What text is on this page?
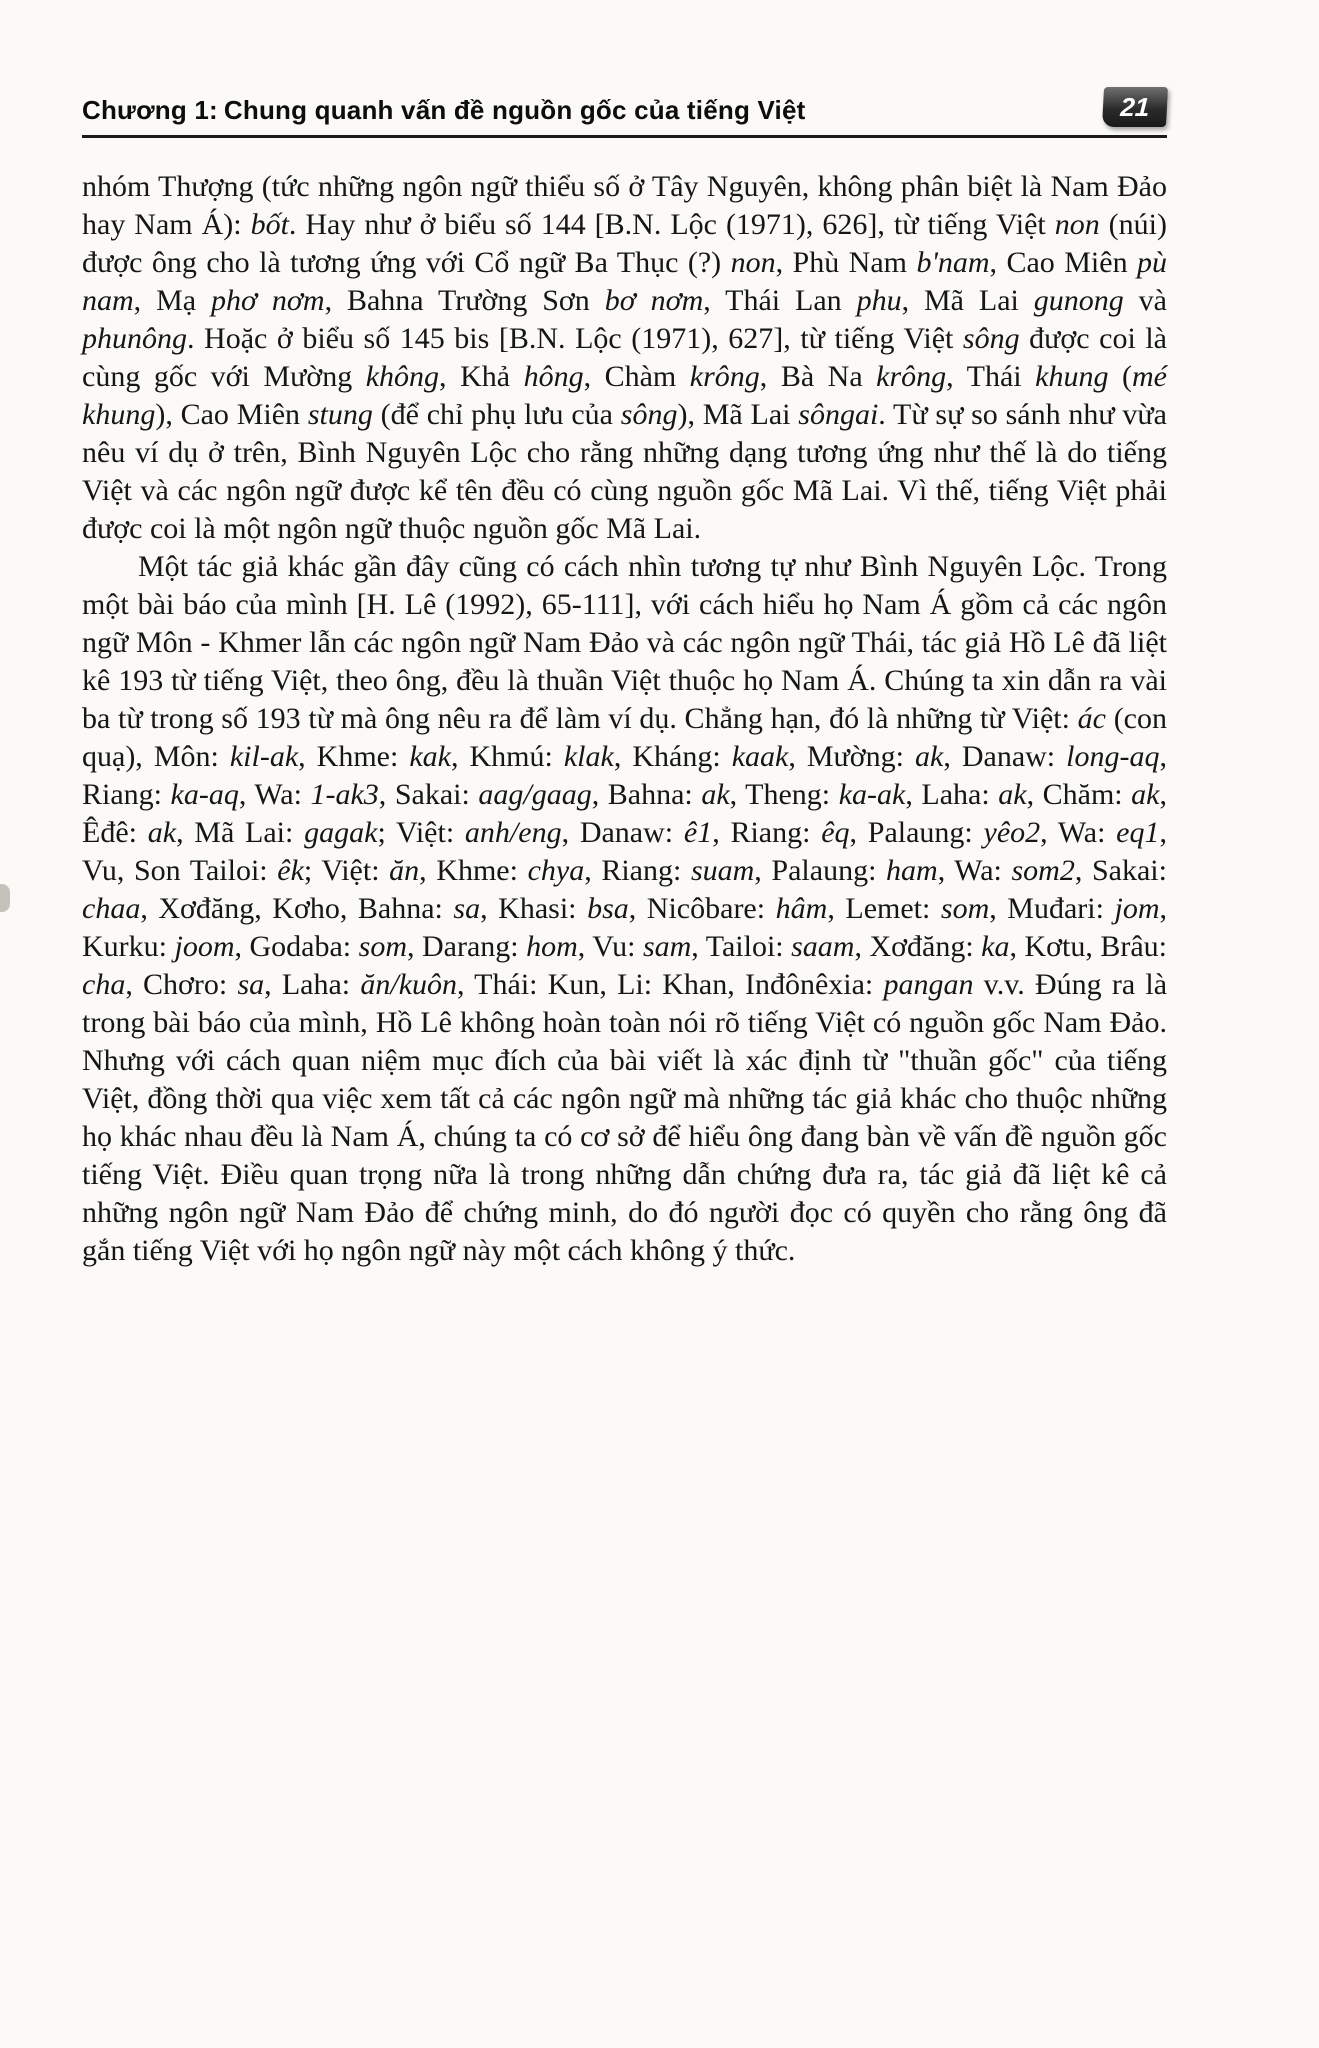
Chương 1: Chung quanh vấn đề nguồn gốc của tiếng Việt	21

nhóm Thượng (tức những ngôn ngữ thiểu số ở Tây Nguyên, không phân biệt là Nam Đảo hay Nam Á): bốt. Hay như ở biểu số 144 [B.N. Lộc (1971), 626], từ tiếng Việt non (núi) được ông cho là tương ứng với Cổ ngữ Ba Thục (?) non, Phù Nam b'nam, Cao Miên pù nam, Mạ phơ nơm, Bahna Trường Sơn bơ nơm, Thái Lan phu, Mã Lai gunong và phunông. Hoặc ở biểu số 145 bis [B.N. Lộc (1971), 627], từ tiếng Việt sông được coi là cùng gốc với Mường không, Khả hông, Chàm krông, Bà Na krông, Thái khung (mé khung), Cao Miên stung (để chỉ phụ lưu của sông), Mã Lai sôngai. Từ sự so sánh như vừa nêu ví dụ ở trên, Bình Nguyên Lộc cho rằng những dạng tương ứng như thế là do tiếng Việt và các ngôn ngữ được kể tên đều có cùng nguồn gốc Mã Lai. Vì thế, tiếng Việt phải được coi là một ngôn ngữ thuộc nguồn gốc Mã Lai.

Một tác giả khác gần đây cũng có cách nhìn tương tự như Bình Nguyên Lộc. Trong một bài báo của mình [H. Lê (1992), 65-111], với cách hiểu họ Nam Á gồm cả các ngôn ngữ Môn - Khmer lẫn các ngôn ngữ Nam Đảo và các ngôn ngữ Thái, tác giả Hồ Lê đã liệt kê 193 từ tiếng Việt, theo ông, đều là thuần Việt thuộc họ Nam Á. Chúng ta xin dẫn ra vài ba từ trong số 193 từ mà ông nêu ra để làm ví dụ. Chẳng hạn, đó là những từ Việt: ác (con quạ), Môn: kil-ak, Khme: kak, Khmú: klak, Kháng: kaak, Mường: ak, Danaw: long-aq, Riang: ka-aq, Wa: 1-ak3, Sakai: aag/gaag, Bahna: ak, Theng: ka-ak, Laha: ak, Chăm: ak, Êđê: ak, Mã Lai: gagak; Việt: anh/eng, Danaw: ê1, Riang: êq, Palaung: yêo2, Wa: eq1, Vu, Son Tailoi: êk; Việt: ăn, Khme: chya, Riang: suam, Palaung: ham, Wa: som2, Sakai: chaa, Xơđăng, Kơho, Bahna: sa, Khasi: bsa, Nicôbare: hâm, Lemet: som, Muđari: jom, Kurku: joom, Godaba: som, Darang: hom, Vu: sam, Tailoi: saam, Xơđăng: ka, Kơtu, Brâu: cha, Chơro: sa, Laha: ăn/kuôn, Thái: Kun, Li: Khan, Inđônêxia: pangan v.v. Đúng ra là trong bài báo của mình, Hồ Lê không hoàn toàn nói rõ tiếng Việt có nguồn gốc Nam Đảo. Nhưng với cách quan niệm mục đích của bài viết là xác định từ "thuần gốc" của tiếng Việt, đồng thời qua việc xem tất cả các ngôn ngữ mà những tác giả khác cho thuộc những họ khác nhau đều là Nam Á, chúng ta có cơ sở để hiểu ông đang bàn về vấn đề nguồn gốc tiếng Việt. Điều quan trọng nữa là trong những dẫn chứng đưa ra, tác giả đã liệt kê cả những ngôn ngữ Nam Đảo để chứng minh, do đó người đọc có quyền cho rằng ông đã gắn tiếng Việt với họ ngôn ngữ này một cách không ý thức.
